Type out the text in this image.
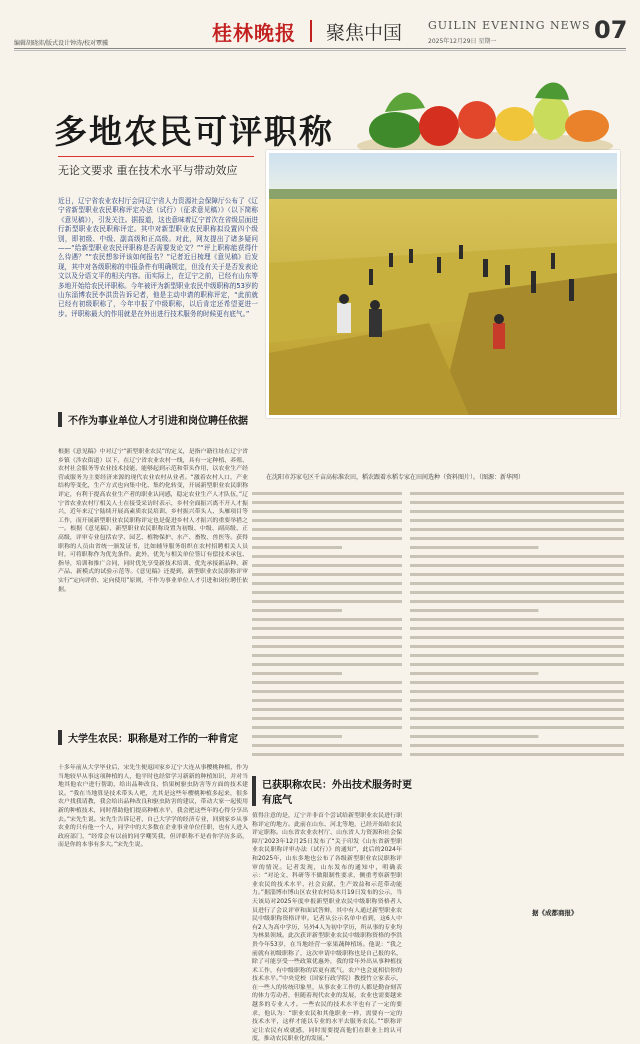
编辑胡晓沛/版式设计钟涛/校对覃骥	桂林晚报 聚焦中国 GUILIN EVENING NEWS
2025年12月29日 星期一	07
多地农民可评职称
无论文要求 重在技术水平与带动效应
近日，辽宁省农业农村厅会同辽宁省人力资源社会保障厅公布了《辽宁省新型职业农民职称评定办法（试行）（征求意见稿）》（以下简称《意见稿》），引发关注。据报道，这也意味着辽宁首次在省级层面进行新型职业农民职称评定。其中对新型职业农民职称拟设置四个级别，即初级、中级、副高级和正高级。对此，网友提出了诸多疑问——“给新型职业农民评职称是否需要发论文？”“评上职称能获得什么待遇？”“农民想参评该如何报名？”记者近日梳理《意见稿》后发现，其中对各级职称的申报条件有明确规定，但没有关于是否发表论文以及分语文平的相关内容。而实际上，在辽宁之前，已经有山东等多地开始给农民评职称。今年被评为新型职业农民中级职称的53岁的山东淄博农民李洪贵告诉记者，他是主动申请的职称评定，“此前就已经有初级职称了，今年申报了中级职称，以后肯定还希望更进一步。评职称最大的作用就是在外出进行技术服务的时候更有底气。”
在沈阳市苏家屯区千亩高标准农田，稻农跟着水稻专家在田间选种（资料图片）。（图源：新华网）
不作为事业单位人才引进和岗位聘任依据
根据《意见稿》中对辽宁“新型职业农民”的定义，是指户籍往址在辽宁省乡镇（涉农街道）以下，在辽宁省农业农村一线，具有一定种植、养殖、农村社会服务等农业技术技能，能够起到示范和带头作用，以农业生产经营或服务为主要经济来源的现代农业农村从业者。“激着农村人口，产业结构等变化，生产方式也向集中化、集约化转变，开展新型职业农民职称评定，有利于提高农业生产者的职业认同感，稳定农业生产人才队伍，”辽宁省农业农村厅相关人士在接受采访时表示，乡村全面振兴离不开人才振兴，近年来辽宁陆续开展高素质农民培训、乡村振兴带头人、头雁项目等工作，而开展新型职业农民职称评定也是促进乡村人才振兴的重要举措之一。根据《意见稿》，新型职业农民职称设置为初级、中级、副高级、正高级，评审专业包括农学、园艺、植物保护、水产、畜牧、兽医等。获得职称的人员由省统一颁发证书，比如辅导服务组织在农村招聘相关人员时，可将职称作为优先条件。此外，优先与相关单位签订有偿技术承包、指导，培训和推广合同，同时优先享受新技术培训、优先承接新品种、新产品、新模式的试验示范等。《意见稿》还提到，新型职业农民职称评审实行“定向评价、定向使用”原则，不作为事业单位人才引进和岗位聘任依据。
大学生农民：职称是对工作的一种肯定
十多年前从大学毕业后，宋先生便返回家乡辽宁大连从事樱桃种植，作为当地较早从事这项种植的人，他平时也经常学习新新的种植知识，并对当地其他农户进行帮助，给出品种改良、恰果树驱虫防害等方面的技术建议。“我在当地算是技术带头人吧，尤其是这些年樱桃种植多起来，很多农户找我请教，我会给出品种改良和驱虫防害的建议，带动大家一起使用新的种植技术，同时帮助他们提高种植水平，我会把这些年的心得分享出去。”宋先生说。宋先生告诉记者，自己大学学的经济专业，回到家乡从事农业的只有他一个人，同学中的大多数在企业事业单位任职，也有人进入政府部门，“经常会有以前的同学嘲笑我，但评职称不是看你学历多高，而是你的本事有多大。”宋先生说。
已获职称农民：外出技术服务时更有底气
值得注意的是，辽宁并非首个尝试给新型职业农民进行职称评定的地方。此前在山东、河北等地，已经开始给农民评定职称。山东省农业农村厅、山东省人力资源和社会保障厅2023年12月25日发布了“关于印发《山东省新型职业农民职称评审办法（试行）》的通知”，此后的2024年和2025年，山东多地也公布了各级新型职业农民职称评审的情况。记者发现，山东发布的通知中，明确表示：“对论文、科研等不做限制性要求，侧重考察新型职业农民的技术水平、社会贡献、生产效益和示范带动能力。”据淄博市博山区农业农村局本月19日发布的公示，当天该局对2025年度申报新型职业农民中级职称资格者人员进行了会议评审和面试答辩，其中有人通过新型职业农民中级职称资格评审。记者从公示名单中看到，这6人中有2人为高中学历，另外4人为初中学历，所从事的专业均为林果领域。此次获评新型职业农民中级职称资格的李洪贵今年53岁，在当地经营一家果蔬种植场。他说：“我之前就有初级职称了，这次申请中级职称也是自己报的名，除了可能享受一些政策优惠外，我的常年外出从事种植技术工作，有中级职称的话更有底气。农户也会更相信你的技术水平。”中央党校（国家行政学院）教授竹立家表示，在一些人的传统印象里，从事农业工作的人都是勤奋刻苦的体力劳动者，但随着现代农业的发展，农业也需要越来越多的专业人才。一些农民的技术水平也有了一定的要求，他认为：“职业农民和其他职业一样，需要有一定的技术水平，这样才能以专业的水平去服务农民。”“职称评定让农民有成就感，同时需要提高他们在职业上的认可度，推动农民职业化的发展。”
据《成都商报》
